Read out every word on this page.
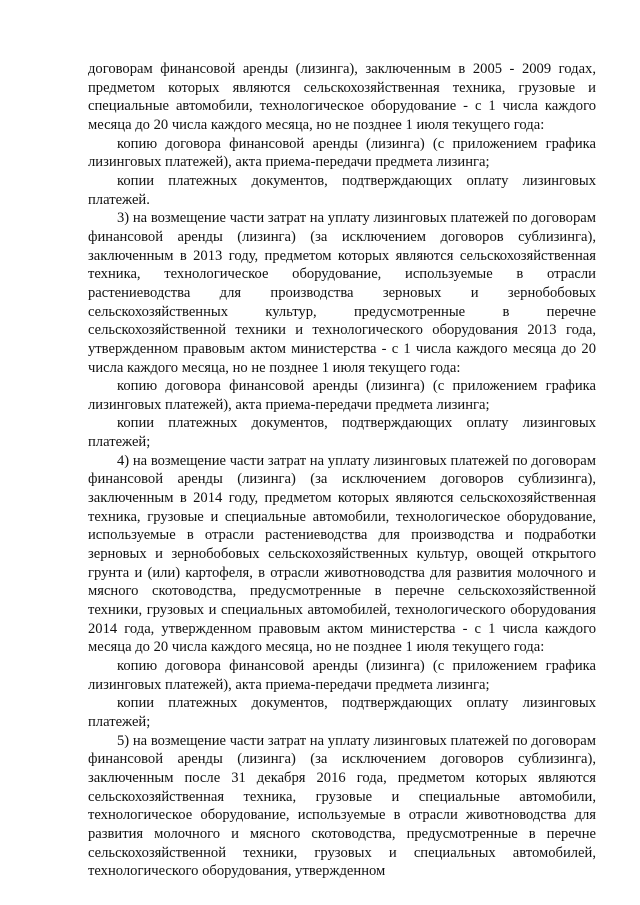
договорам финансовой аренды (лизинга), заключенным в 2005 - 2009 годах, предметом которых являются сельскохозяйственная техника, грузовые и специальные автомобили, технологическое оборудование - с 1 числа каждого месяца до 20 числа каждого месяца, но не позднее 1 июля текущего года:

копию договора финансовой аренды (лизинга) (с приложением графика лизинговых платежей), акта приема-передачи предмета лизинга;

копии платежных документов, подтверждающих оплату лизинговых платежей.

3) на возмещение части затрат на уплату лизинговых платежей по договорам финансовой аренды (лизинга) (за исключением договоров сублизинга), заключенным в 2013 году, предметом которых являются сельскохозяйственная техника, технологическое оборудование, используемые в отрасли растениеводства для производства зерновых и зернобобовых сельскохозяйственных культур, предусмотренные в перечне сельскохозяйственной техники и технологического оборудования 2013 года, утвержденном правовым актом министерства - с 1 числа каждого месяца до 20 числа каждого месяца, но не позднее 1 июля текущего года:

копию договора финансовой аренды (лизинга) (с приложением графика лизинговых платежей), акта приема-передачи предмета лизинга;

копии платежных документов, подтверждающих оплату лизинговых платежей;

4) на возмещение части затрат на уплату лизинговых платежей по договорам финансовой аренды (лизинга) (за исключением договоров сублизинга), заключенным в 2014 году, предметом которых являются сельскохозяйственная техника, грузовые и специальные автомобили, технологическое оборудование, используемые в отрасли растениеводства для производства и подработки зерновых и зернобобовых сельскохозяйственных культур, овощей открытого грунта и (или) картофеля, в отрасли животноводства для развития молочного и мясного скотоводства, предусмотренные в перечне сельскохозяйственной техники, грузовых и специальных автомобилей, технологического оборудования 2014 года, утвержденном правовым актом министерства - с 1 числа каждого месяца до 20 числа каждого месяца, но не позднее 1 июля текущего года:

копию договора финансовой аренды (лизинга) (с приложением графика лизинговых платежей), акта приема-передачи предмета лизинга;

копии платежных документов, подтверждающих оплату лизинговых платежей;

5) на возмещение части затрат на уплату лизинговых платежей по договорам финансовой аренды (лизинга) (за исключением договоров сублизинга), заключенным после 31 декабря 2016 года, предметом которых являются сельскохозяйственная техника, грузовые и специальные автомобили, технологическое оборудование, используемые в отрасли животноводства для развития молочного и мясного скотоводства, предусмотренные в перечне сельскохозяйственной техники, грузовых и специальных автомобилей, технологического оборудования, утвержденном
